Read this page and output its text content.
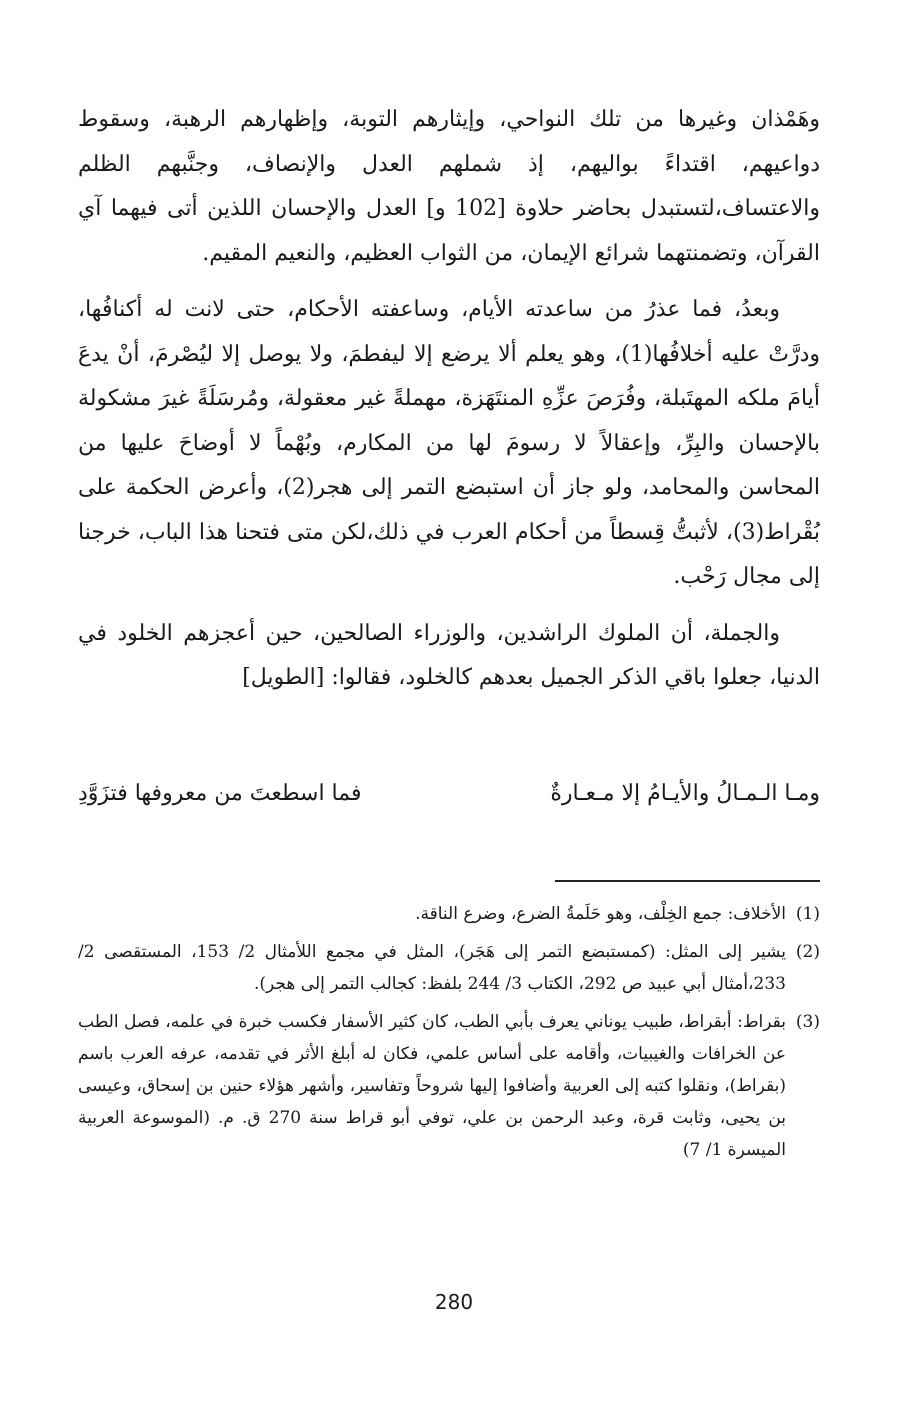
وهَمْذان وغيرها من تلك النواحي، وإيثارهم التوبة، وإظهارهم الرهبة، وسقوط دواعيهم، اقتداءً بواليهم، إذ شملهم العدل والإنصاف، وجنَّبهم الظلم والاعتساف،لتستبدل بحاضر حلاوة [102 و] العدل والإحسان اللذين أتى فيهما آي القرآن، وتضمنتهما شرائع الإيمان، من الثواب العظيم، والنعيم المقيم.

وبعدُ، فما عذرُ من ساعدته الأيام، وساعفته الأحكام، حتى لانت له أكنافُها، ودرَّتْ عليه أخلافُها(1)، وهو يعلم ألا يرضع إلا ليفطمَ، ولا يوصل إلا ليُصْرمَ، أنْ يدعَ أيامَ ملكه المهتَبلة، وفُرَصَ عزِّهِ المنتَهَزة، مهملةً غير معقولة، ومُرسَلَةً غيرَ مشكولة بالإحسان والبِرِّ، وإعقالاً لا رسومَ لها من المكارم، وبُهْماً لا أوضاحَ عليها من المحاسن والمحامد، ولو جاز أن استبضع التمر إلى هجر(2)، وأعرض الحكمة على بُقْراط(3)، لأثبتُّ قِسطاً من أحكام العرب في ذلك،لكن متى فتحنا هذا الباب، خرجنا إلى مجال رَحْب.

والجملة، أن الملوك الراشدين، والوزراء الصالحين، حين أعجزهم الخلود في الدنيا، جعلوا باقي الذكر الجميل بعدهم كالخلود، فقالوا: [الطويل]

ومـا الـمـالُ والأيـامُ إلا مـعـارةٌ
فما اسطعتَ من معروفها فتزَوَّدِ
(1)
الأخلاف: جمع الخِلْف، وهو حَلَمةُ الضرع، وضرع الناقة.
(2)
يشير إلى المثل: (كمستبضع التمر إلى هَجَر)، المثل في مجمع اللأمثال 2/ 153، المستقصى 2/ 233،أمثال أبي عبيد ص 292، الكتاب 3/ 244 بلفظ: كجالب التمر إلى هجر).
(3)
بقراط: أبقراط، طبيب يوناني يعرف بأبي الطب، كان كثير الأسفار فكسب خبرة في علمه، فصل الطب عن الخرافات والغيبيات، وأقامه على أساس علمي، فكان له أبلغ الأثر في تقدمه، عرفه العرب باسم (بقراط)، ونقلوا كتبه إلى العربية وأضافوا إليها شروحاً وتفاسير، وأشهر هؤلاء حنين بن إسحاق، وعيسى بن يحيى، وثابت قرة، وعبد الرحمن بن علي، توفي أبو قراط سنة 270 ق. م. (الموسوعة العربية الميسرة 1/ 7)
280
